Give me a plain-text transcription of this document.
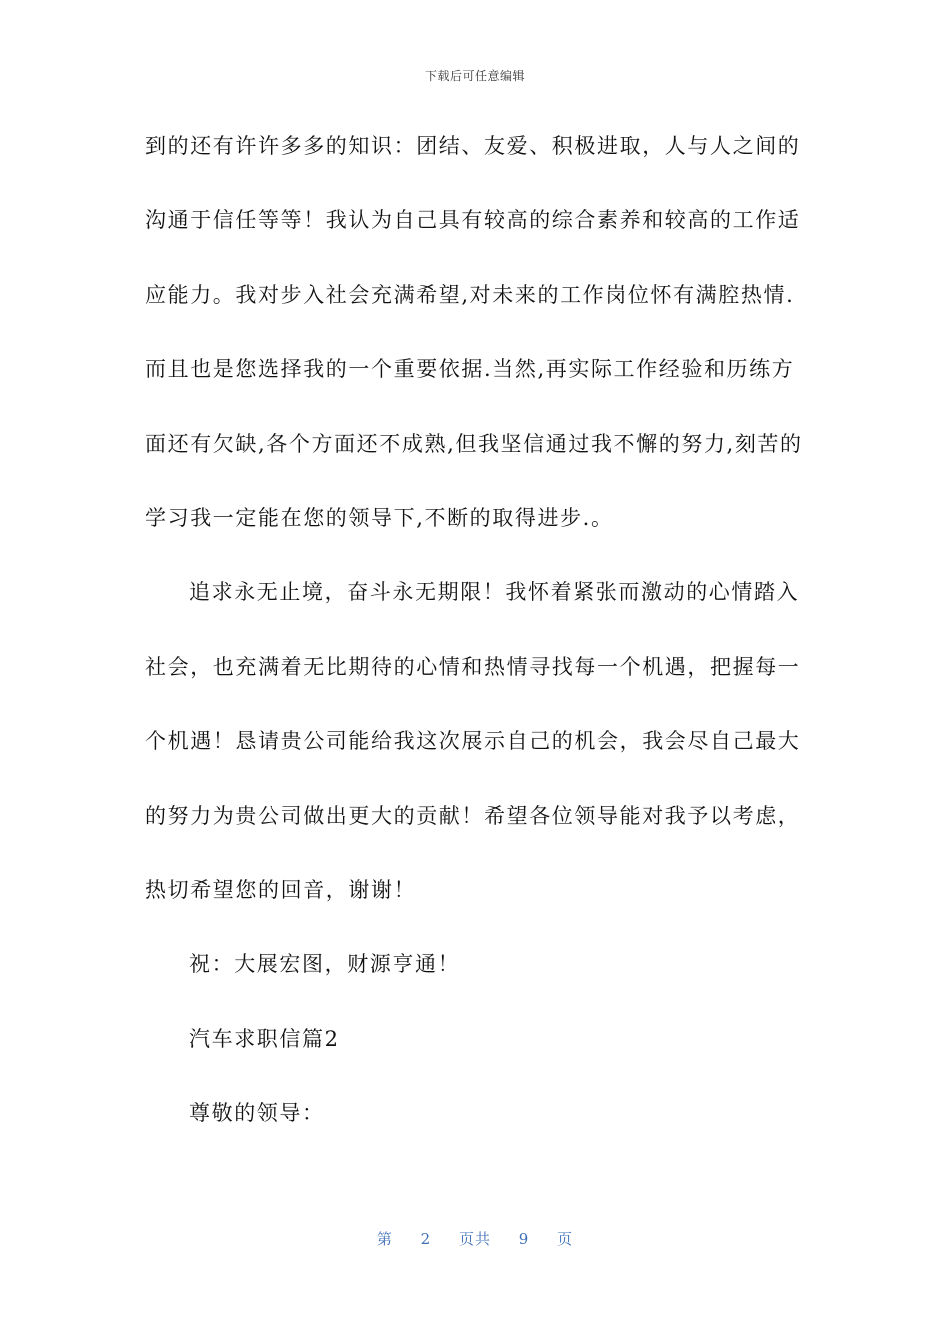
下载后可任意编辑
到的还有许许多多的知识：团结、友爱、积极进取，人与人之间的
沟通于信任等等！我认为自己具有较高的综合素养和较高的工作适
应能力。我对步入社会充满希望,对未来的工作岗位怀有满腔热情.
而且也是您选择我的一个重要依据.当然,再实际工作经验和历练方
面还有欠缺,各个方面还不成熟,但我坚信通过我不懈的努力,刻苦的
学习我一定能在您的领导下,不断的取得进步.。
追求永无止境，奋斗永无期限！我怀着紧张而激动的心情踏入
社会，也充满着无比期待的心情和热情寻找每一个机遇，把握每一
个机遇！恳请贵公司能给我这次展示自己的机会，我会尽自己最大
的努力为贵公司做出更大的贡献！希望各位领导能对我予以考虑，
热切希望您的回音，谢谢！
祝：大展宏图，财源亨通！
汽车求职信篇2
尊敬的领导：
第 2 页共 9 页
